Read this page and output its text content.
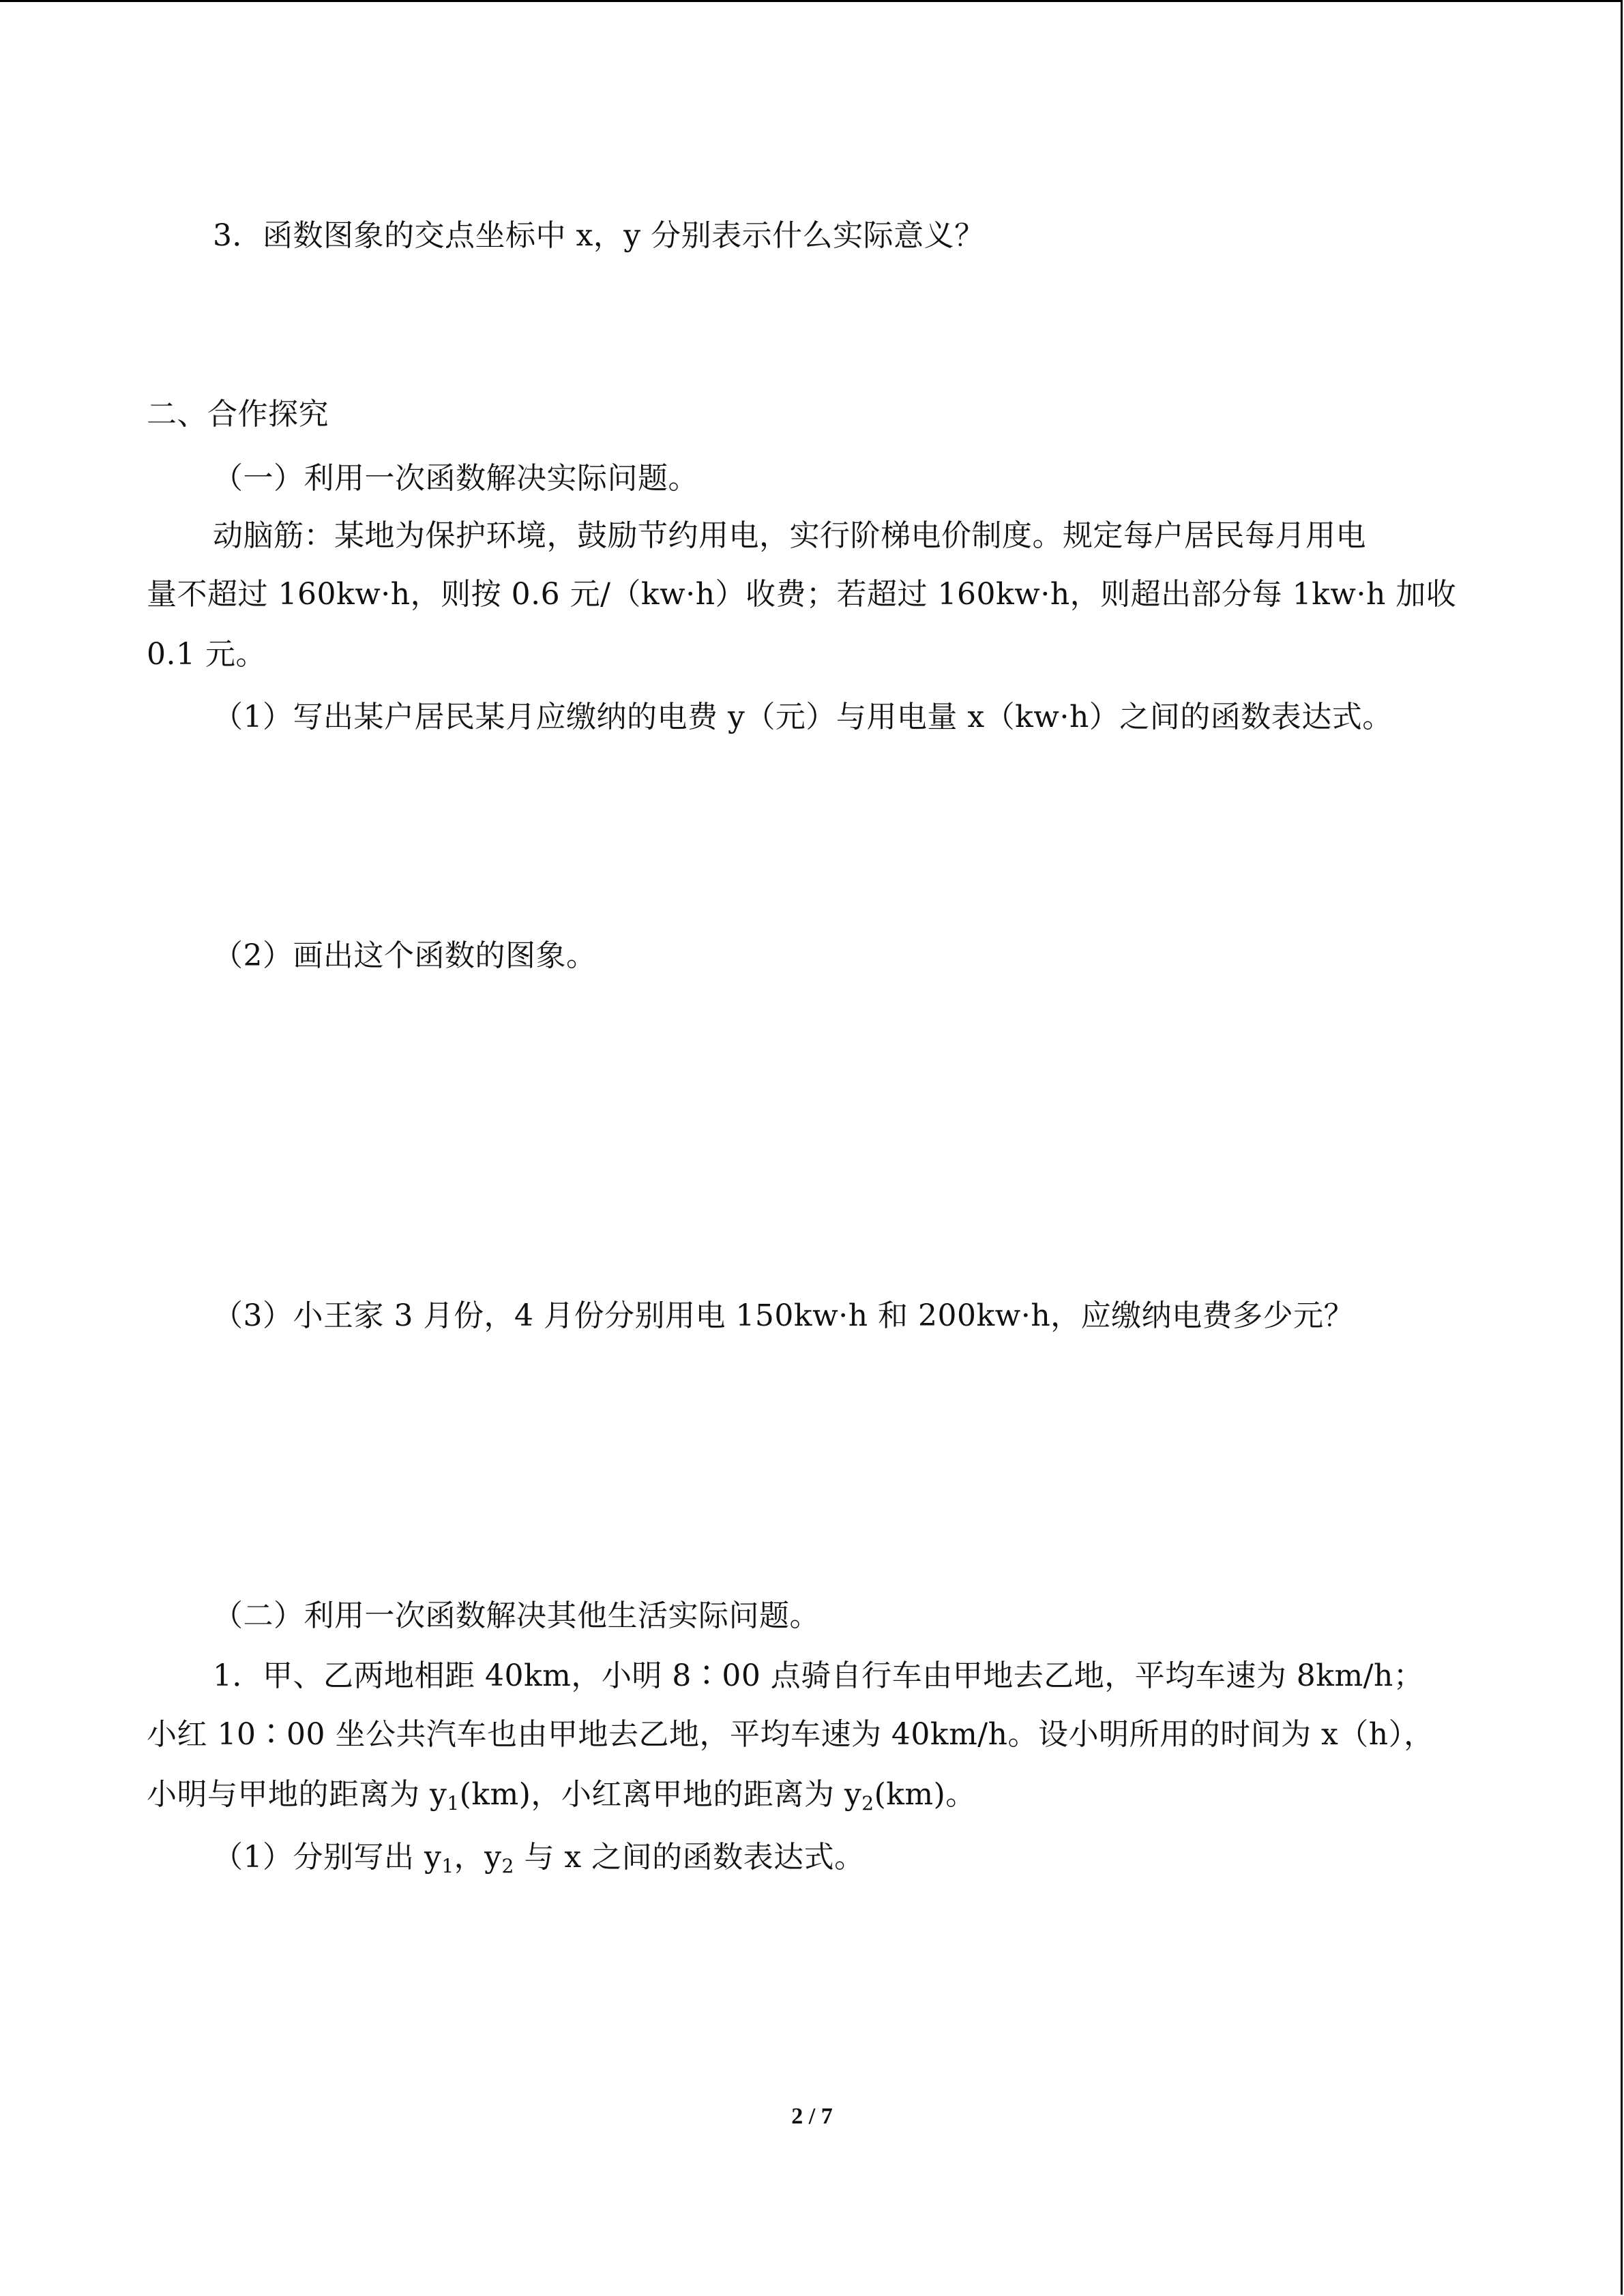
3．函数图象的交点坐标中 x，y 分别表示什么实际意义？
二、合作探究
（一）利用一次函数解决实际问题。
动脑筋：某地为保护环境，鼓励节约用电，实行阶梯电价制度。规定每户居民每月用电
量不超过 160kw·h，则按 0.6 元/（kw·h）收费；若超过 160kw·h，则超出部分每 1kw·h 加收
0.1 元。
（1）写出某户居民某月应缴纳的电费 y（元）与用电量 x（kw·h）之间的函数表达式。
（2）画出这个函数的图象。
（3）小王家 3 月份，4 月份分别用电 150kw·h 和 200kw·h，应缴纳电费多少元？
（二）利用一次函数解决其他生活实际问题。
1．甲、乙两地相距 40km，小明 8∶00 点骑自行车由甲地去乙地，平均车速为 8km/h；
小红 10∶00 坐公共汽车也由甲地去乙地，平均车速为 40km/h。设小明所用的时间为 x（h），
小明与甲地的距离为 $y_1(km)$，小红离甲地的距离为 $y_2(km)$。
（1）分别写出 $y_1$，$y_2$ 与 x 之间的函数表达式。
2 / 7
